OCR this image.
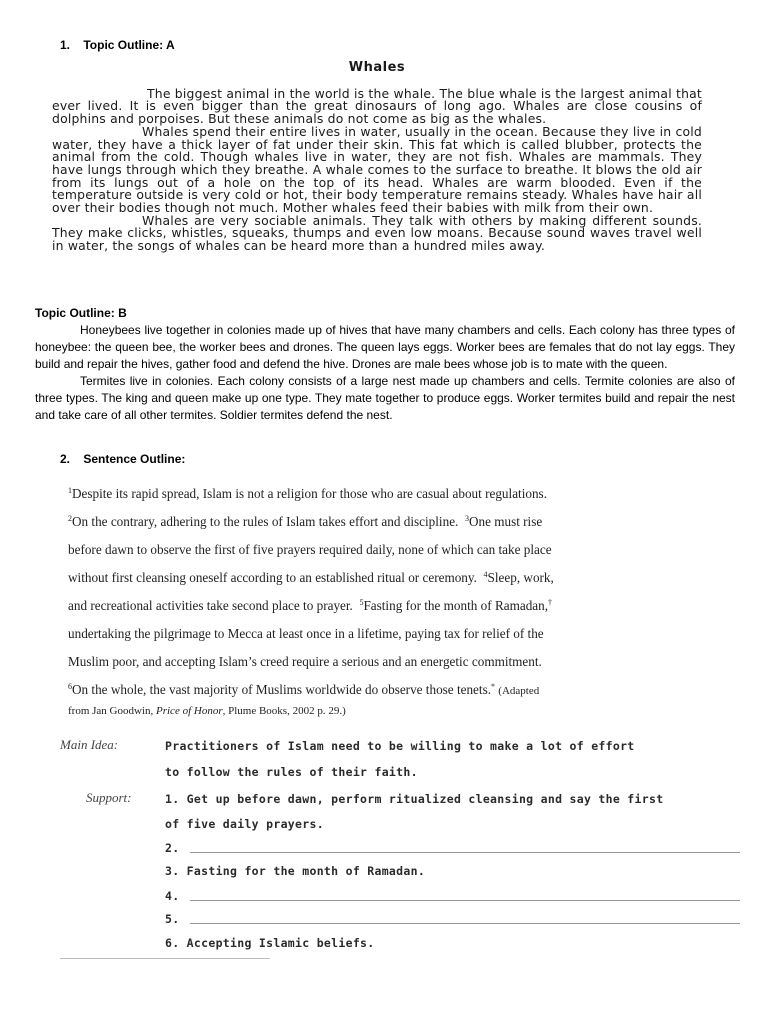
1.    Topic Outline: A
Whales

The biggest animal in the world is the whale. The blue whale is the largest animal that ever lived. It is even bigger than the great dinosaurs of long ago. Whales are close cousins of dolphins and porpoises. But these animals do not come as big as the whales.

Whales spend their entire lives in water, usually in the ocean. Because they live in cold water, they have a thick layer of fat under their skin. This fat which is called blubber, protects the animal from the cold. Though whales live in water, they are not fish. Whales are mammals. They have lungs through which they breathe. A whale comes to the surface to breathe. It blows the old air from its lungs out of a hole on the top of its head. Whales are warm blooded. Even if the temperature outside is very cold or hot, their body temperature remains steady. Whales have hair all over their bodies though not much. Mother whales feed their babies with milk from their own.

Whales are very sociable animals. They talk with others by making different sounds. They make clicks, whistles, squeaks, thumps and even low moans. Because sound waves travel well in water, the songs of whales can be heard more than a hundred miles away.

Topic Outline: B

Honeybees live together in colonies made up of hives that have many chambers and cells. Each colony has three types of honeybee: the queen bee, the worker bees and drones. The queen lays eggs. Worker bees are females that do not lay eggs. They build and repair the hives, gather food and defend the hive. Drones are male bees whose job is to mate with the queen.

Termites live in colonies. Each colony consists of a large nest made up chambers and cells. Termite colonies are also of three types. The king and queen make up one type. They mate together to produce eggs. Worker termites build and repair the nest and take care of all other termites. Soldier termites defend the nest.

2.    Sentence Outline:
$^1$Despite its rapid spread, Islam is not a religion for those who are casual about regulations.
$^2$On the contrary, adhering to the rules of Islam takes effort and discipline. $^3$One must rise
before dawn to observe the first of five prayers required daily, none of which can take place
without first cleansing oneself according to an established ritual or ceremony. $^4$Sleep, work,
and recreational activities take second place to prayer. $^5$Fasting for the month of Ramadan,†
undertaking the pilgrimage to Mecca at least once in a lifetime, paying tax for relief of the
Muslim poor, and accepting Islam’s creed require a serious and an energetic commitment.
$^6$On the whole, the vast majority of Muslims worldwide do observe those tenets.* (Adapted
from Jan Goodwin, Price of Honor, Plume Books, 2002 p. 29.)
Main Idea:	Practitioners of Islam need to be willing to make a lot of effort
to follow the rules of their faith.
Support:	1. Get up before dawn, perform ritualized cleansing and say the first
of five daily prayers.
2.
3. Fasting for the month of Ramadan.
4.
5.
6. Accepting Islamic beliefs.
